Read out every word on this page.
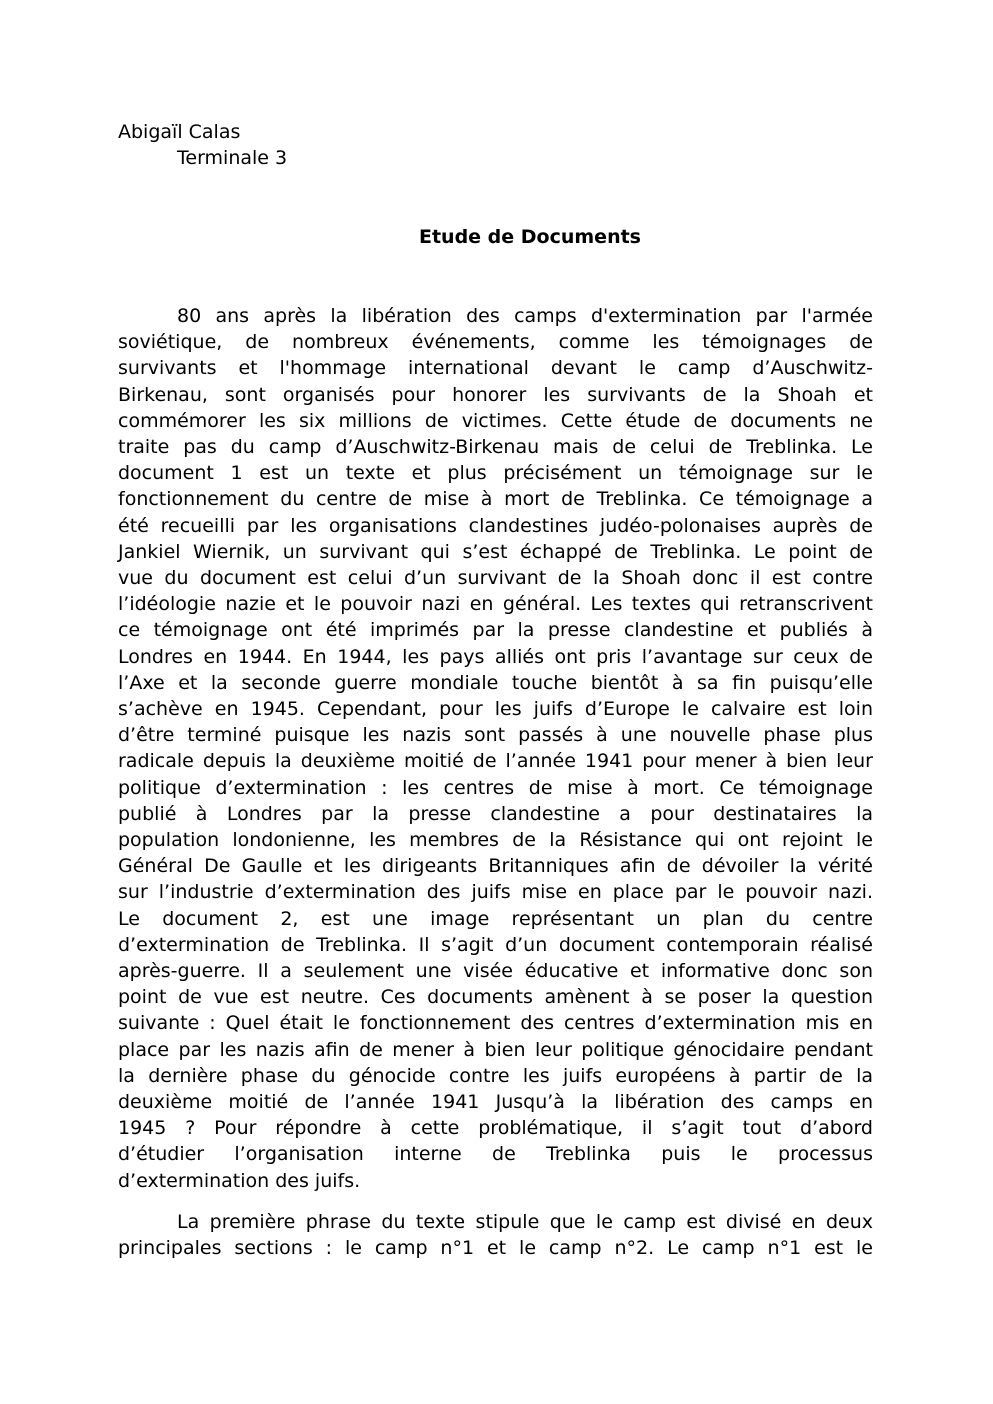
Abigaïl Calas
Terminale 3
Etude de Documents
80 ans après la libération des camps d'extermination par l'armée
soviétique, de nombreux événements, comme les témoignages de
survivants et l'hommage international devant le camp d’Auschwitz-
Birkenau, sont organisés pour honorer les survivants de la Shoah et
commémorer les six millions de victimes. Cette étude de documents ne
traite pas du camp d’Auschwitz-Birkenau mais de celui de Treblinka. Le
document 1 est un texte et plus précisément un témoignage sur le
fonctionnement du centre de mise à mort de Treblinka. Ce témoignage a
été recueilli par les organisations clandestines judéo-polonaises auprès de
Jankiel Wiernik, un survivant qui s’est échappé de Treblinka. Le point de
vue du document est celui d’un survivant de la Shoah donc il est contre
l’idéologie nazie et le pouvoir nazi en général. Les textes qui retranscrivent
ce témoignage ont été imprimés par la presse clandestine et publiés à
Londres en 1944. En 1944, les pays alliés ont pris l’avantage sur ceux de
l’Axe et la seconde guerre mondiale touche bientôt à sa fin puisqu’elle
s’achève en 1945. Cependant, pour les juifs d’Europe le calvaire est loin
d’être terminé puisque les nazis sont passés à une nouvelle phase plus
radicale depuis la deuxième moitié de l’année 1941 pour mener à bien leur
politique d’extermination : les centres de mise à mort. Ce témoignage
publié à Londres par la presse clandestine a pour destinataires la
population londonienne, les membres de la Résistance qui ont rejoint le
Général De Gaulle et les dirigeants Britanniques afin de dévoiler la vérité
sur l’industrie d’extermination des juifs mise en place par le pouvoir nazi.
Le document 2, est une image représentant un plan du centre
d’extermination de Treblinka. Il s’agit d’un document contemporain réalisé
après-guerre. Il a seulement une visée éducative et informative donc son
point de vue est neutre. Ces documents amènent à se poser la question
suivante : Quel était le fonctionnement des centres d’extermination mis en
place par les nazis afin de mener à bien leur politique génocidaire pendant
la dernière phase du génocide contre les juifs européens à partir de la
deuxième moitié de l’année 1941 Jusqu’à la libération des camps en
1945 ? Pour répondre à cette problématique, il s’agit tout d’abord
d’étudier l’organisation interne de Treblinka puis le processus
d’extermination des juifs.
La première phrase du texte stipule que le camp est divisé en deux
principales sections : le camp n°1 et le camp n°2. Le camp n°1 est le
